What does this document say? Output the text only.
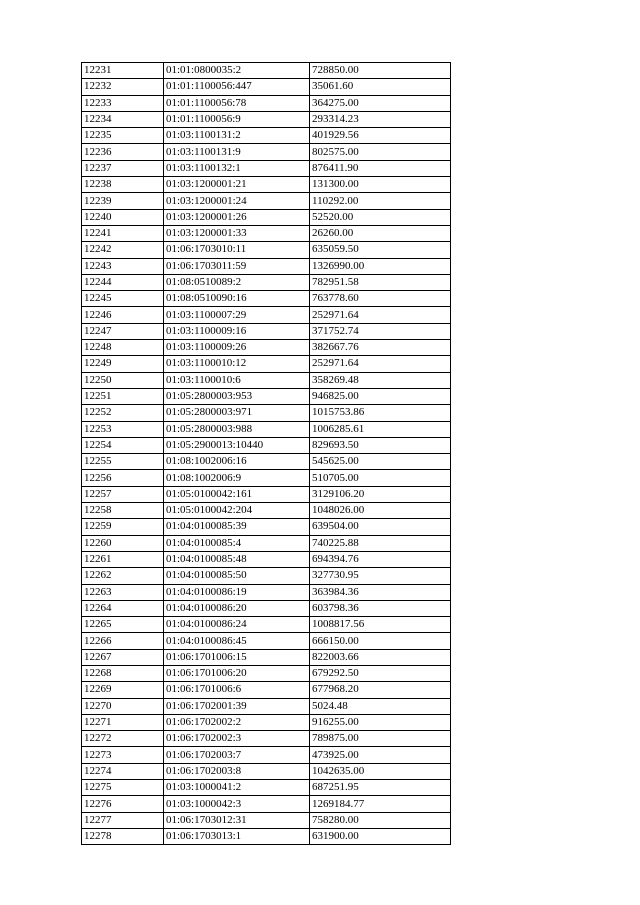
12231	01:01:0800035:2	728850.00
12232	01:01:1100056:447	35061.60
12233	01:01:1100056:78	364275.00
12234	01:01:1100056:9	293314.23
12235	01:03:1100131:2	401929.56
12236	01:03:1100131:9	802575.00
12237	01:03:1100132:1	876411.90
12238	01:03:1200001:21	131300.00
12239	01:03:1200001:24	110292.00
12240	01:03:1200001:26	52520.00
12241	01:03:1200001:33	26260.00
12242	01:06:1703010:11	635059.50
12243	01:06:1703011:59	1326990.00
12244	01:08:0510089:2	782951.58
12245	01:08:0510090:16	763778.60
12246	01:03:1100007:29	252971.64
12247	01:03:1100009:16	371752.74
12248	01:03:1100009:26	382667.76
12249	01:03:1100010:12	252971.64
12250	01:03:1100010:6	358269.48
12251	01:05:2800003:953	946825.00
12252	01:05:2800003:971	1015753.86
12253	01:05:2800003:988	1006285.61
12254	01:05:2900013:10440	829693.50
12255	01:08:1002006:16	545625.00
12256	01:08:1002006:9	510705.00
12257	01:05:0100042:161	3129106.20
12258	01:05:0100042:204	1048026.00
12259	01:04:0100085:39	639504.00
12260	01:04:0100085:4	740225.88
12261	01:04:0100085:48	694394.76
12262	01:04:0100085:50	327730.95
12263	01:04:0100086:19	363984.36
12264	01:04:0100086:20	603798.36
12265	01:04:0100086:24	1008817.56
12266	01:04:0100086:45	666150.00
12267	01:06:1701006:15	822003.66
12268	01:06:1701006:20	679292.50
12269	01:06:1701006:6	677968.20
12270	01:06:1702001:39	5024.48
12271	01:06:1702002:2	916255.00
12272	01:06:1702002:3	789875.00
12273	01:06:1702003:7	473925.00
12274	01:06:1702003:8	1042635.00
12275	01:03:1000041:2	687251.95
12276	01:03:1000042:3	1269184.77
12277	01:06:1703012:31	758280.00
12278	01:06:1703013:1	631900.00
